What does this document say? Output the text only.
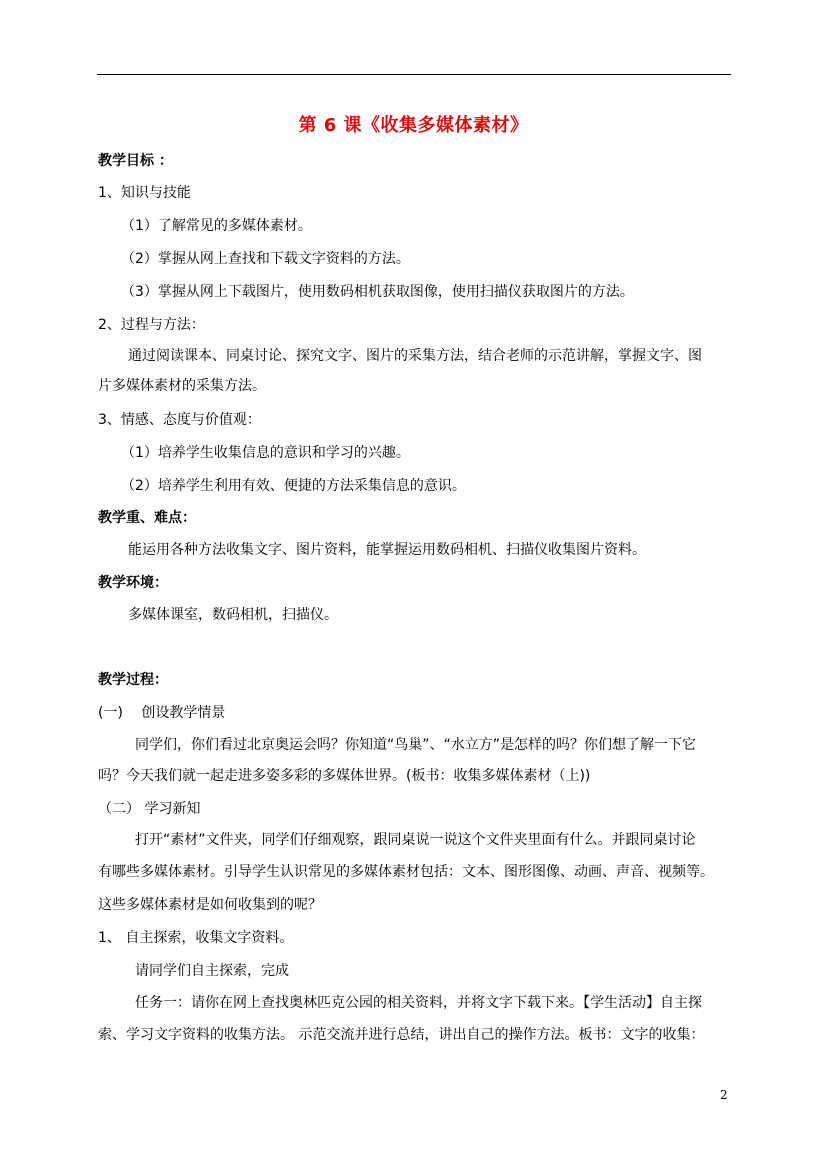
第 6 课《收集多媒体素材》
教学目标 ：
1、知识与技能
（1）了解常见的多媒体素材。
（2）掌握从网上查找和下载文字资料的方法。
（3）掌握从网上下载图片，使用数码相机获取图像，使用扫描仪获取图片的方法。
2、过程与方法：
通过阅读课本、同桌讨论、探究文字、图片的采集方法，结合老师的示范讲解，掌握文字、图
片多媒体素材的采集方法。
3、情感、态度与价值观：
（1）培养学生收集信息的意识和学习的兴趣。
（2）培养学生利用有效、便捷的方法采集信息的意识。
教学重、难点：
能运用各种方法收集文字、图片资料，能掌握运用数码相机、扫描仪收集图片资料。
教学环境：
多媒体课室，数码相机，扫描仪。
教学过程：
(一)　 创设教学情景
同学们，你们看过北京奥运会吗？你知道“鸟巢”、“水立方”是怎样的吗？你们想了解一下它
吗？今天我们就一起走进多姿多彩的多媒体世界。(板书：收集多媒体素材（上))
（二） 学习新知
打开“素材”文件夹，同学们仔细观察，跟同桌说一说这个文件夹里面有什么。并跟同桌讨论
有哪些多媒体素材。引导学生认识常见的多媒体素材包括：文本、图形图像、动画、声音、视频等。
这些多媒体素材是如何收集到的呢？
1、 自主探索，收集文字资料。
请同学们自主探索，完成
任务一：请你在网上查找奥林匹克公园的相关资料，并将文字下载下来。【学生活动】自主探
索、学习文字资料的收集方法。 示范交流并进行总结，讲出自己的操作方法。板书：文字的收集：
2
